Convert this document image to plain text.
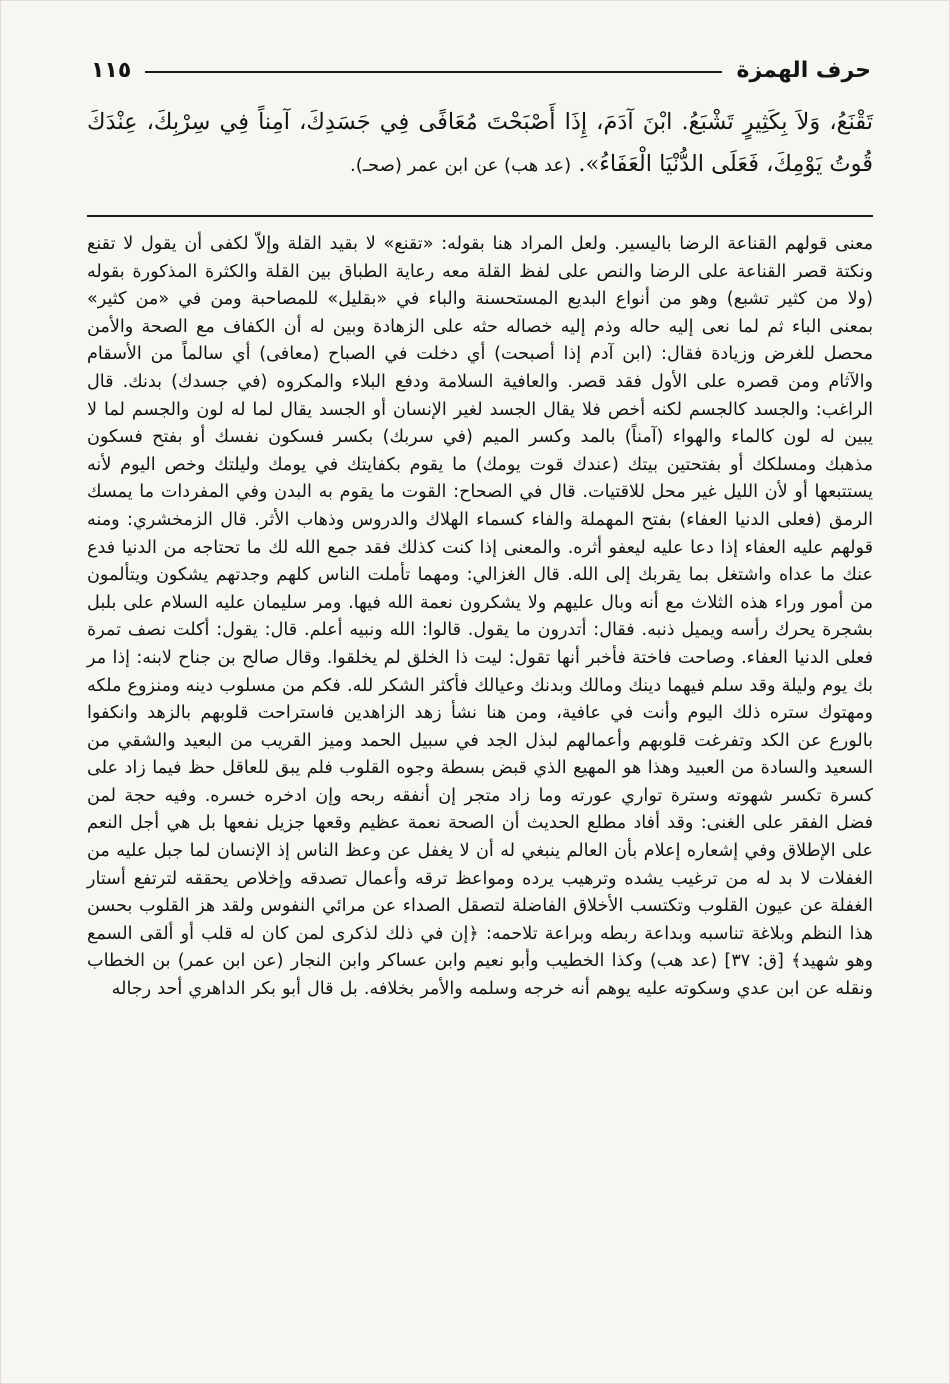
١١٥	حرف الهمزة

تَقْنَعُ، وَلاَ بِكَثِيرٍ تَشْبَعُ. ابْنَ آدَمَ، إِذَا أَصْبَحْتَ مُعَافًى فِي جَسَدِكَ، آمِناً فِي سِرْبِكَ، عِنْدَكَ قُوتُ يَوْمِكَ، فَعَلَى الدُّنْيَا الْعَفَاءُ». (عد هب) عن ابن عمر (صحـ).

معنى قولهم القناعة الرضا باليسير. ولعل المراد هنا بقوله: «تقنع» لا بقيد القلة وإلاّ لكفى أن يقول لا تقنع ونكتة قصر القناعة على الرضا والنص على لفظ القلة معه رعاية الطباق بين القلة والكثرة المذكورة بقوله (ولا من كثير تشبع) وهو من أنواع البديع المستحسنة والباء في «بقليل» للمصاحبة ومن في «من كثير» بمعنى الباء ثم لما نعى إليه حاله وذم إليه خصاله حثه على الزهادة وبين له أن الكفاف مع الصحة والأمن محصل للغرض وزيادة فقال: (ابن آدم إذا أصبحت) أي دخلت في الصباح (معافى) أي سالماً من الأسقام والآثام ومن قصره على الأول فقد قصر. والعافية السلامة ودفع البلاء والمكروه (في جسدك) بدنك. قال الراغب: والجسد كالجسم لكنه أخص فلا يقال الجسد لغير الإنسان أو الجسد يقال لما له لون والجسم لما لا يبين له لون كالماء والهواء (آمناً) بالمد وكسر الميم (في سربك) بكسر فسكون نفسك أو بفتح فسكون مذهبك ومسلكك أو بفتحتين بيتك (عندك قوت يومك) ما يقوم بكفايتك في يومك وليلتك وخص اليوم لأنه يستتبعها أو لأن الليل غير محل للاقتيات. قال في الصحاح: القوت ما يقوم به البدن وفي المفردات ما يمسك الرمق (فعلى الدنيا العفاء) بفتح المهملة والفاء كسماء الهلاك والدروس وذهاب الأثر. قال الزمخشري: ومنه قولهم عليه العفاء إذا دعا عليه ليعفو أثره. والمعنى إذا كنت كذلك فقد جمع الله لك ما تحتاجه من الدنيا فدع عنك ما عداه واشتغل بما يقربك إلى الله. قال الغزالي: ومهما تأملت الناس كلهم وجدتهم يشكون ويتألمون من أمور وراء هذه الثلاث مع أنه وبال عليهم ولا يشكرون نعمة الله فيها. ومر سليمان عليه السلام على بلبل بشجرة يحرك رأسه ويميل ذنبه. فقال: أتدرون ما يقول. قالوا: الله ونبيه أعلم. قال: يقول: أكلت نصف تمرة فعلى الدنيا العفاء. وصاحت فاختة فأخبر أنها تقول: ليت ذا الخلق لم يخلقوا. وقال صالح بن جناح لابنه: إذا مر بك يوم وليلة وقد سلم فيهما دينك ومالك وبدنك وعيالك فأكثر الشكر لله. فكم من مسلوب دينه ومنزوع ملكه ومهتوك ستره ذلك اليوم وأنت في عافية، ومن هنا نشأ زهد الزاهدين فاستراحت قلوبهم بالزهد وانكفوا بالورع عن الكد وتفرغت قلوبهم وأعمالهم لبذل الجد في سبيل الحمد وميز القريب من البعيد والشقي من السعيد والسادة من العبيد وهذا هو المهيع الذي قبض بسطة وجوه القلوب فلم يبق للعاقل حظ فيما زاد على كسرة تكسر شهوته وسترة تواري عورته وما زاد متجر إن أنفقه ربحه وإن ادخره خسره. وفيه حجة لمن فضل الفقر على الغنى: وقد أفاد مطلع الحديث أن الصحة نعمة عظيم وقعها جزيل نفعها بل هي أجل النعم على الإطلاق وفي إشعاره إعلام بأن العالم ينبغي له أن لا يغفل عن وعظ الناس إذ الإنسان لما جبل عليه من الغفلات لا بد له من ترغيب يشده وترهيب يرده ومواعظ ترقه وأعمال تصدقه وإخلاص يحققه لترتفع أستار الغفلة عن عيون القلوب وتكتسب الأخلاق الفاضلة لتصقل الصداء عن مرائي النفوس ولقد هز القلوب بحسن هذا النظم وبلاغة تناسبه وبداعة ربطه وبراعة تلاحمه: ﴿إن في ذلك لذكرى لمن كان له قلب أو ألقى السمع وهو شهيد﴾ [ق: ٣٧] (عد هب) وكذا الخطيب وأبو نعيم وابن عساكر وابن النجار (عن ابن عمر) بن الخطاب ونقله عن ابن عدي وسكوته عليه يوهم أنه خرجه وسلمه والأمر بخلافه. بل قال أبو بكر الداهري أحد رجاله
